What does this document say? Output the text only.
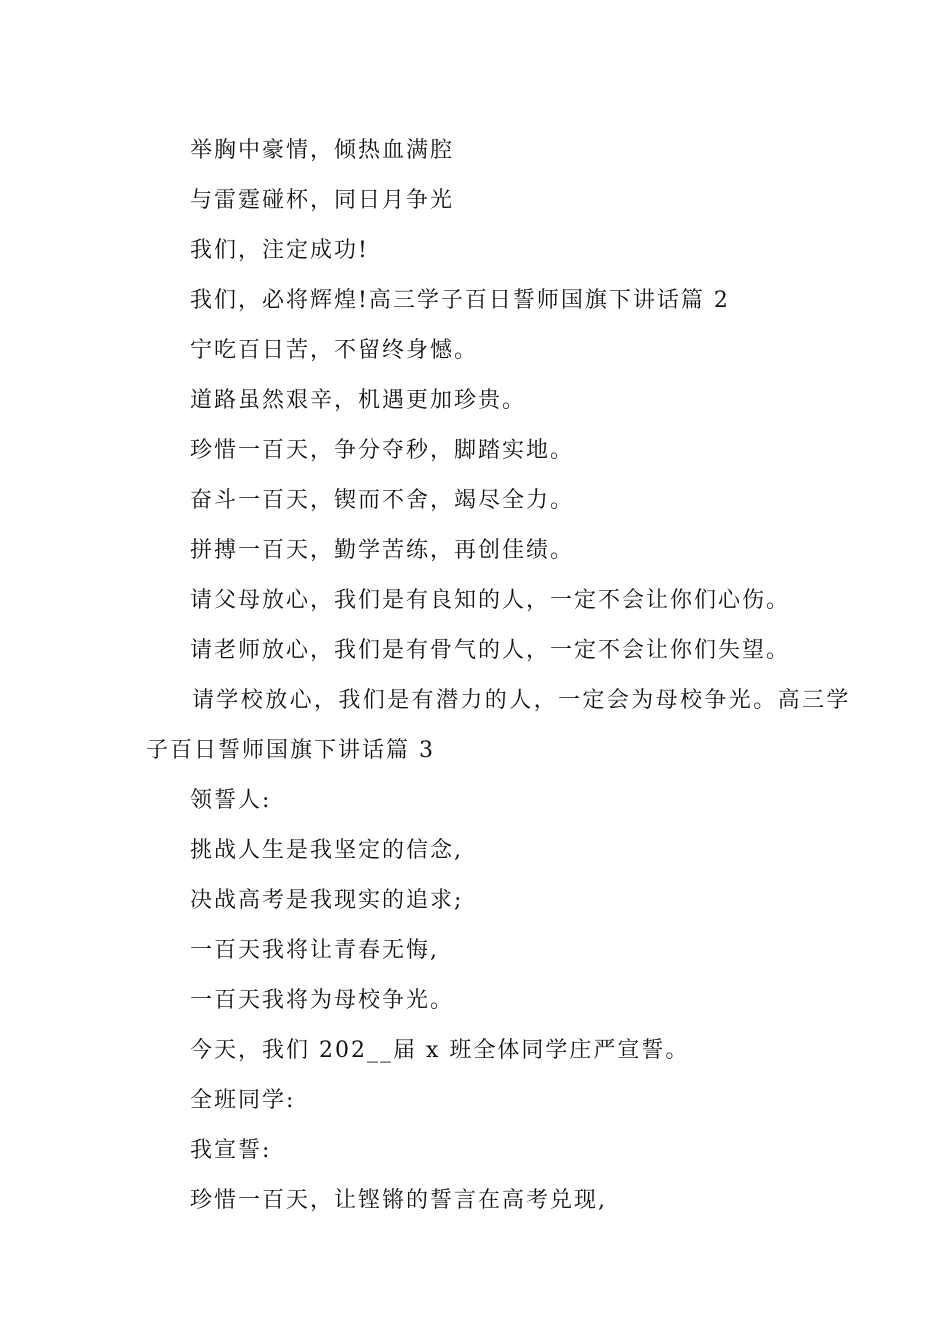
举胸中豪情，倾热血满腔
与雷霆碰杯，同日月争光
我们，注定成功!
我们，必将辉煌!高三学子百日誓师国旗下讲话篇 2
宁吃百日苦，不留终身憾。
道路虽然艰辛，机遇更加珍贵。
珍惜一百天，争分夺秒，脚踏实地。
奋斗一百天，锲而不舍，竭尽全力。
拼搏一百天，勤学苦练，再创佳绩。
请父母放心，我们是有良知的人，一定不会让你们心伤。
请老师放心，我们是有骨气的人，一定不会让你们失望。
请学校放心，我们是有潜力的人，一定会为母校争光。高三学
子百日誓师国旗下讲话篇 3
领誓人:
挑战人生是我坚定的信念,
决战高考是我现实的追求;
一百天我将让青春无悔,
一百天我将为母校争光。
今天，我们 202__届 x 班全体同学庄严宣誓。
全班同学:
我宣誓:
珍惜一百天，让铿锵的誓言在高考兑现,
